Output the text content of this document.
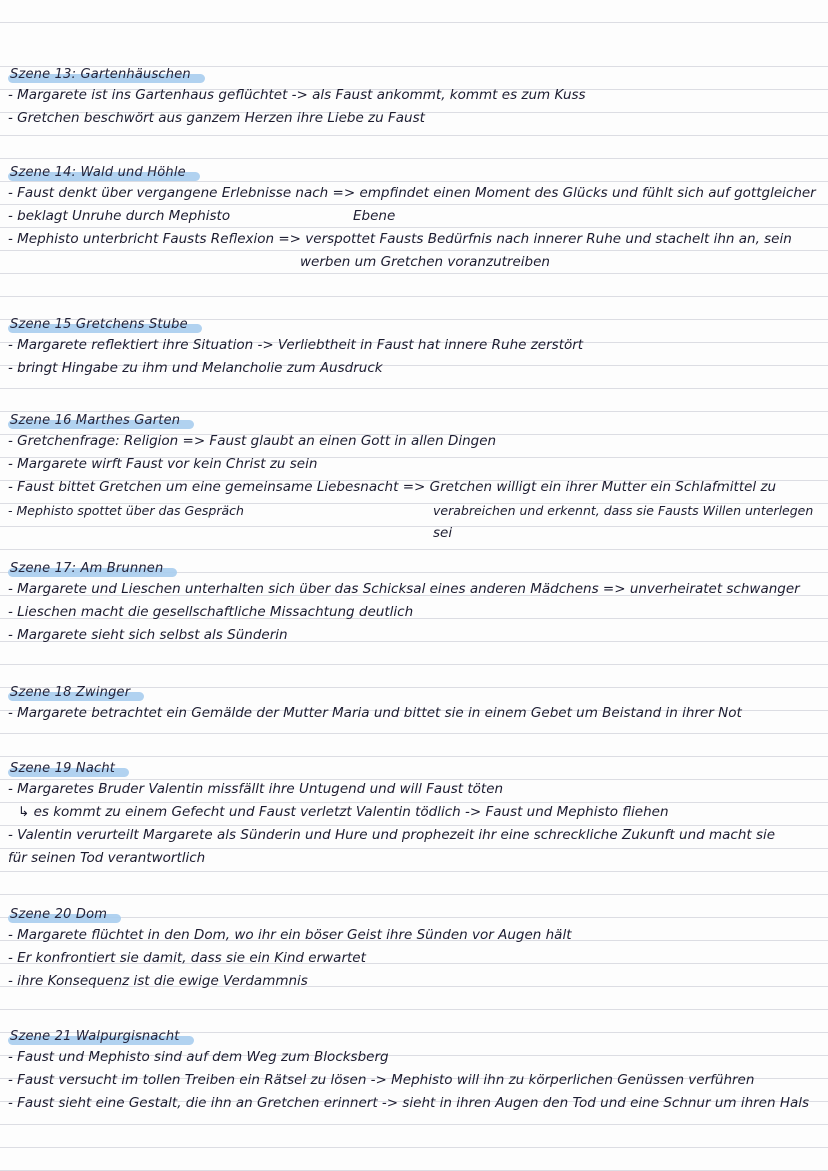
Szene 13: Gartenhäuschen
- Margarete ist ins Gartenhaus geflüchtet -> als Faust ankommt, kommt es zum Kuss
- Gretchen beschwört aus ganzem Herzen ihre Liebe zu Faust
Szene 14: Wald und Höhle
- Faust denkt über vergangene Erlebnisse nach => empfindet einen Moment des Glücks und fühlt sich auf gottgleicher
- beklagt Unruhe durch Mephisto	Ebene
- Mephisto unterbricht Fausts Reflexion => verspottet Fausts Bedürfnis nach innerer Ruhe und stachelt ihn an, sein
werben um Gretchen voranzutreiben
Szene 15 Gretchens Stube
- Margarete reflektiert ihre Situation -> Verliebtheit in Faust hat innere Ruhe zerstört
- bringt Hingabe zu ihm und Melancholie zum Ausdruck
Szene 16 Marthes Garten
- Gretchenfrage: Religion => Faust glaubt an einen Gott in allen Dingen
- Margarete wirft Faust vor kein Christ zu sein
- Faust bittet Gretchen um eine gemeinsame Liebesnacht => Gretchen willigt ein ihrer Mutter ein Schlafmittel zu
- Mephisto spottet über das Gespräch	verabreichen und erkennt, dass sie Fausts Willen unterlegen
sei
Szene 17: Am Brunnen
- Margarete und Lieschen unterhalten sich über das Schicksal eines anderen Mädchens => unverheiratet schwanger
- Lieschen macht die gesellschaftliche Missachtung deutlich
- Margarete sieht sich selbst als Sünderin
Szene 18 Zwinger
- Margarete betrachtet ein Gemälde der Mutter Maria und bittet sie in einem Gebet um Beistand in ihrer Not
Szene 19 Nacht
- Margaretes Bruder Valentin missfällt ihre Untugend und will Faust töten
↳ es kommt zu einem Gefecht und Faust verletzt Valentin tödlich -> Faust und Mephisto fliehen
- Valentin verurteilt Margarete als Sünderin und Hure und prophezeit ihr eine schreckliche Zukunft und macht sie
für seinen Tod verantwortlich
Szene 20 Dom
- Margarete flüchtet in den Dom, wo ihr ein böser Geist ihre Sünden vor Augen hält
- Er konfrontiert sie damit, dass sie ein Kind erwartet
- ihre Konsequenz ist die ewige Verdammnis
Szene 21 Walpurgisnacht
- Faust und Mephisto sind auf dem Weg zum Blocksberg
- Faust versucht im tollen Treiben ein Rätsel zu lösen -> Mephisto will ihn zu körperlichen Genüssen verführen
- Faust sieht eine Gestalt, die ihn an Gretchen erinnert -> sieht in ihren Augen den Tod und eine Schnur um ihren Hals
